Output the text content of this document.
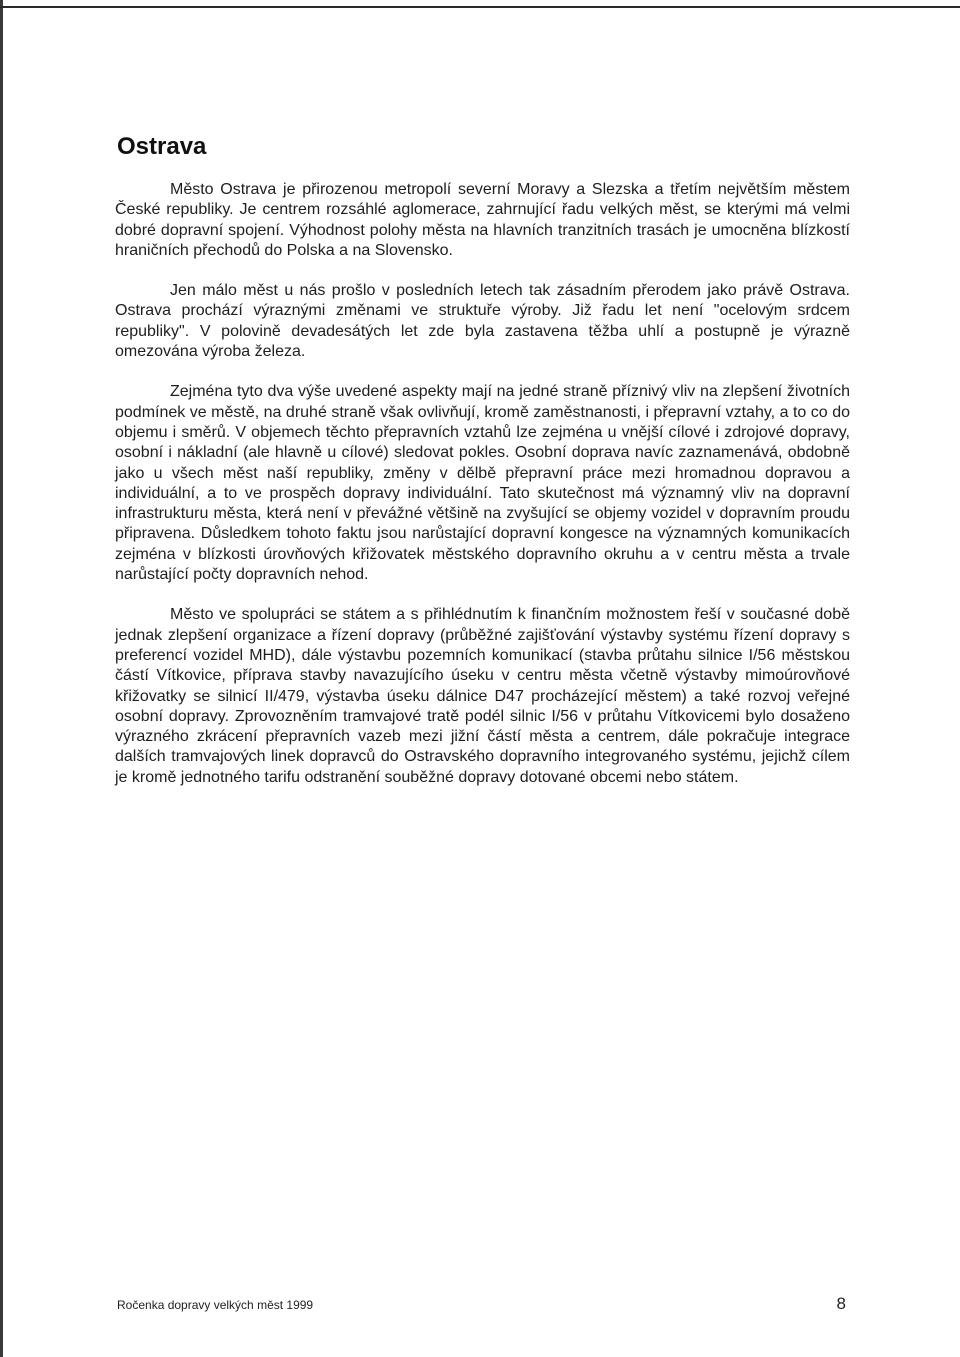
Ostrava

Město Ostrava je přirozenou metropolí severní Moravy a Slezska a třetím největším městem České republiky. Je centrem rozsáhlé aglomerace, zahrnující řadu velkých měst, se kterými má velmi dobré dopravní spojení. Výhodnost polohy města na hlavních tranzitních trasách je umocněna blízkostí hraničních přechodů do Polska a na Slovensko.

Jen málo měst u nás prošlo v posledních letech tak zásadním přerodem jako právě Ostrava. Ostrava prochází výraznými změnami ve struktuře výroby. Již řadu let není "ocelovým srdcem republiky". V polovině devadesátých let zde byla zastavena těžba uhlí a postupně je výrazně omezována výroba železa.

Zejména tyto dva výše uvedené aspekty mají na jedné straně příznivý vliv na zlepšení životních podmínek ve městě, na druhé straně však ovlivňují, kromě zaměstnanosti, i přepravní vztahy, a to co do objemu i směrů. V objemech těchto přepravních vztahů lze zejména u vnější cílové i zdrojové dopravy, osobní i nákladní (ale hlavně u cílové) sledovat pokles. Osobní doprava navíc zaznamenává, obdobně jako u všech měst naší republiky, změny v dělbě přepravní práce mezi hromadnou dopravou a individuální, a to ve prospěch dopravy individuální. Tato skutečnost má významný vliv na dopravní infrastrukturu města, která není v převážné většině na zvyšující se objemy vozidel v dopravním proudu připravena. Důsledkem tohoto faktu jsou narůstající dopravní kongesce na významných komunikacích zejména v blízkosti úrovňových křižovatek městského dopravního okruhu a v centru města a trvale narůstající počty dopravních nehod.

Město ve spolupráci se státem a s přihlédnutím k finančním možnostem řeší v současné době jednak zlepšení organizace a řízení dopravy (průběžné zajišťování výstavby systému řízení dopravy s preferencí vozidel MHD), dále výstavbu pozemních komunikací (stavba průtahu silnice I/56 městskou částí Vítkovice, příprava stavby navazujícího úseku v centru města včetně výstavby mimoúrovňové křižovatky se silnicí II/479, výstavba úseku dálnice D47 procházející městem) a také rozvoj veřejné osobní dopravy. Zprovozněním tramvajové tratě podél silnic I/56 v průtahu Vítkovicemi bylo dosaženo výrazného zkrácení přepravních vazeb mezi jižní částí města a centrem, dále pokračuje integrace dalších tramvajových linek dopravců do Ostravského dopravního integrovaného systému, jejichž cílem je kromě jednotného tarifu odstranění souběžné dopravy dotované obcemi nebo státem.

Ročenka dopravy velkých měst 1999	8
